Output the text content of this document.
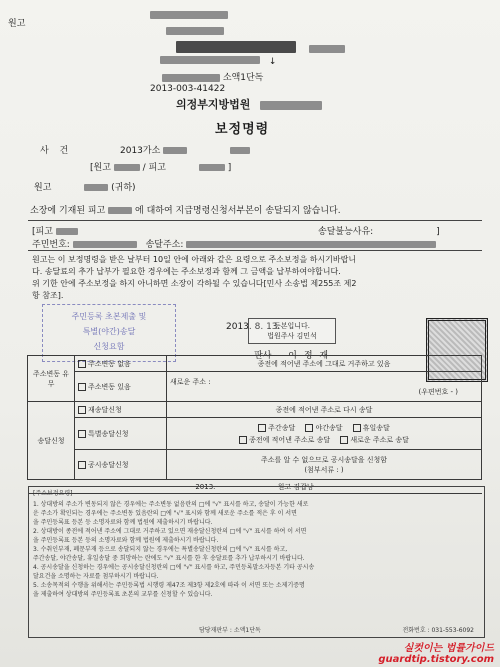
원고

↓
소액1단독
2013-003-41422
의정부지방법원
보정명령
사 건	2013가소
[원고	/ 피고	]
원고	(귀하)
소장에 기재된 피고	에 대하여 지급명령신청서부본이 송달되지 않습니다.
[피고	송달불능사유:	]
주민번호:	송달주소:
원고는 이 보정명령을 받은 날부터 10일 안에 아래와 같은 요령으로 주소보정을 하시기바랍니
다. 송달료의 추가 납부가 필요한 경우에는 주소보정과 함께 그 금액을 납부하여야합니다.
위 기한 안에 주소보정을 하지 아니하면 소장이 각하될 수 있습니다[민사 소송법 제255조 제2
항 참조].
주민등록 초본제출 및
특별(야간)송달
신청요함
2013. 8. 13.
판사 이 정 재
등본입니다.
법원주사 김민석
주소변동 유무	주소변동 없음	종전에 적어낸 주소에 그대로 거주하고 있음
	주소변동 있음	새로운 주소 :
(우편번호 - )

송달신청	재송달신청	종전에 적어낸 주소로 다시 송달
	특별송달신청	주간송달 야간송달 휴일송달
종전에 적어낸 주소로 송달 새로운 주소로 송달

	공시송달신청	주소를 알 수 없으므로 공시송달을 신청함
(첨부서류 : )

2013. 원고 김갑남		
[주소보정요령]
1. 상대방의 주소가 변동되지 않은 경우에는 주소변동 없음란의 □에 "√" 표시를 하고, 송달이 가능한 새로
운 주소가 확인되는 경우에는 주소변동 있음란의 □에 "√" 표시와 함께 새로운 주소를 적은 후 이 서면
을 주민등록표 등본 등 소명자료와 함께 법원에 제출하시기 바랍니다.
2. 상대방이 종전에 적어낸 주소에 그대로 거주하고 있으면 재송달신청란의 □에 "√" 표시를 하여 이 서면
을 주민등록표 등본 등의 소명자료와 함께 법원에 제출하시기 바랍니다.
3. 수취인부재, 폐문부재 등으로 송달되지 않는 경우에는 특별송달신청란의 □에 "√" 표시를 하고,
주간송달, 야간송달, 휴일송달 중 희망하는 란에도 "√" 표시를 한 후 송달료를 추가 납부하시기 바랍니다.
4. 공시송달을 신청하는 경우에는 공시송달신청란의 □에 "√" 표시를 하고, 주민등록말소자등본 기타 공시송
달요건을 소명하는 자료를 첨부하시기 바랍니다.
5. 소송목적의 수행을 위해서는 주민등록법 시행령 제47조 제3항 제2호에 따라 이 서면 또는 소제기증명
을 제출하여 상대방의 주민등록표 초본의 교부를 신청할 수 있습니다.
담당재판부 : 소액1단독	전화번호 : 031-553-6092
실컷이는 법률가이드
guardtip.tistory.com
